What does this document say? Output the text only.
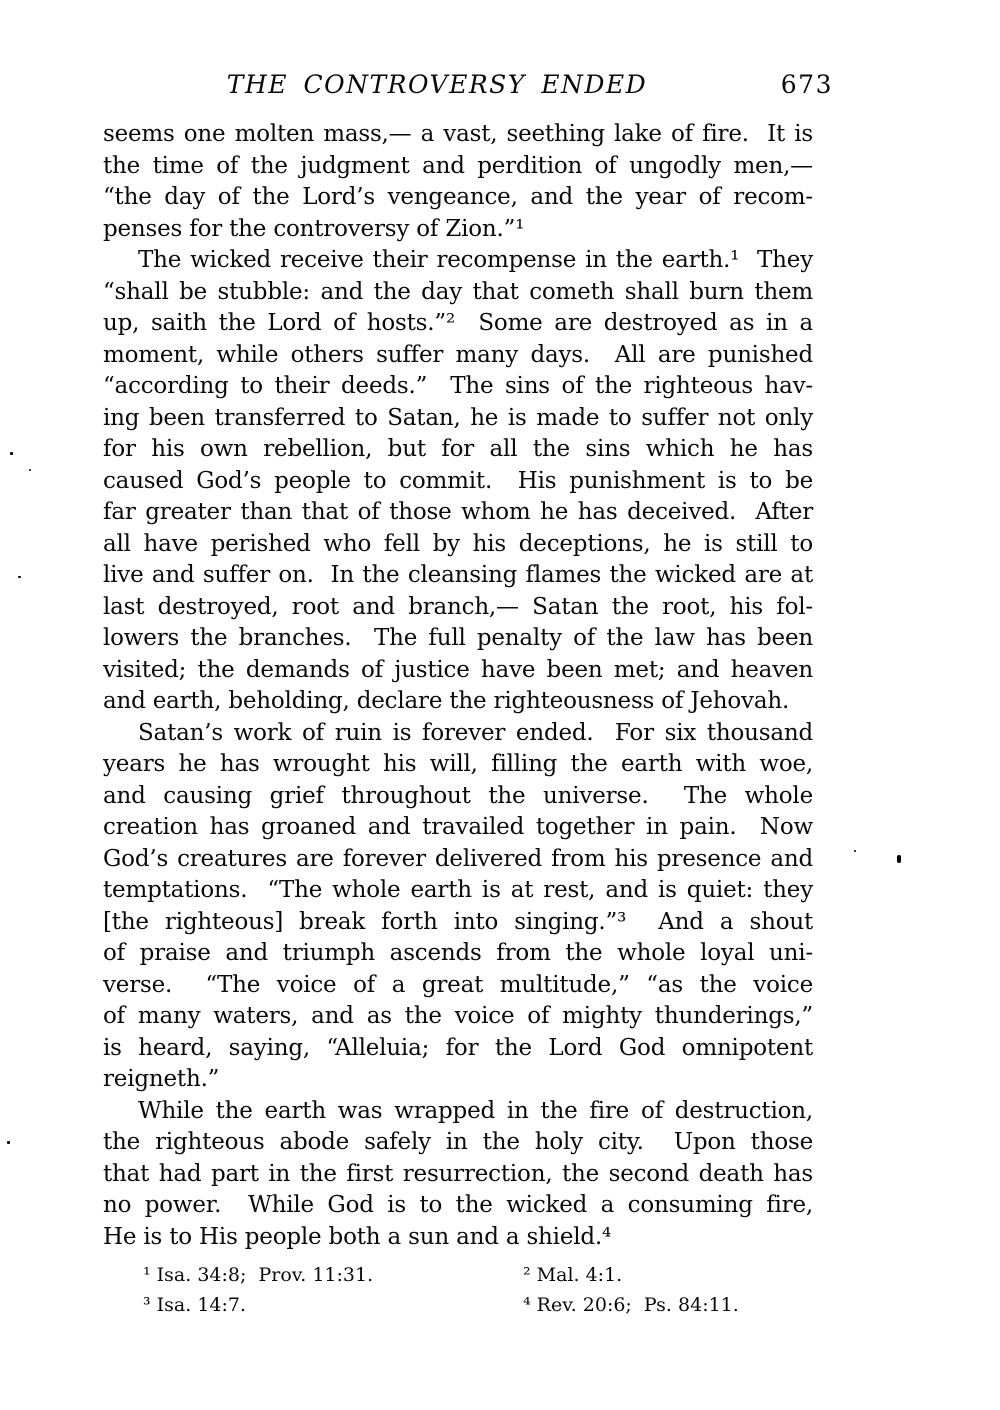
THE CONTROVERSY ENDED	673
seems one molten mass,— a vast, seething lake of fire.  It is
the time of the judgment and perdition of ungodly men,—
“the day of the Lord’s vengeance, and the year of recom-
penses for the controversy of Zion.”¹
The wicked receive their recompense in the earth.¹  They
“shall be stubble: and the day that cometh shall burn them
up, saith the Lord of hosts.”²  Some are destroyed as in a
moment, while others suffer many days.  All are punished
“according to their deeds.”  The sins of the righteous hav-
ing been transferred to Satan, he is made to suffer not only
for his own rebellion, but for all the sins which he has
caused God’s people to commit.  His punishment is to be
far greater than that of those whom he has deceived.  After
all have perished who fell by his deceptions, he is still to
live and suffer on.  In the cleansing flames the wicked are at
last destroyed, root and branch,— Satan the root, his fol-
lowers the branches.  The full penalty of the law has been
visited; the demands of justice have been met; and heaven
and earth, beholding, declare the righteousness of Jehovah.
Satan’s work of ruin is forever ended.  For six thousand
years he has wrought his will, filling the earth with woe,
and causing grief throughout the universe.  The whole
creation has groaned and travailed together in pain.  Now
God’s creatures are forever delivered from his presence and
temptations.  “The whole earth is at rest, and is quiet: they
[the righteous] break forth into singing.”³  And a shout
of praise and triumph ascends from the whole loyal uni-
verse.  “The voice of a great multitude,” “as the voice
of many waters, and as the voice of mighty thunderings,”
is heard, saying, “Alleluia; for the Lord God omnipotent
reigneth.”
While the earth was wrapped in the fire of destruction,
the righteous abode safely in the holy city.  Upon those
that had part in the first resurrection, the second death has
no power.  While God is to the wicked a consuming fire,
He is to His people both a sun and a shield.⁴
¹ Isa. 34:8;  Prov. 11:31.	² Mal. 4:1.
³ Isa. 14:7.	⁴ Rev. 20:6;  Ps. 84:11.
